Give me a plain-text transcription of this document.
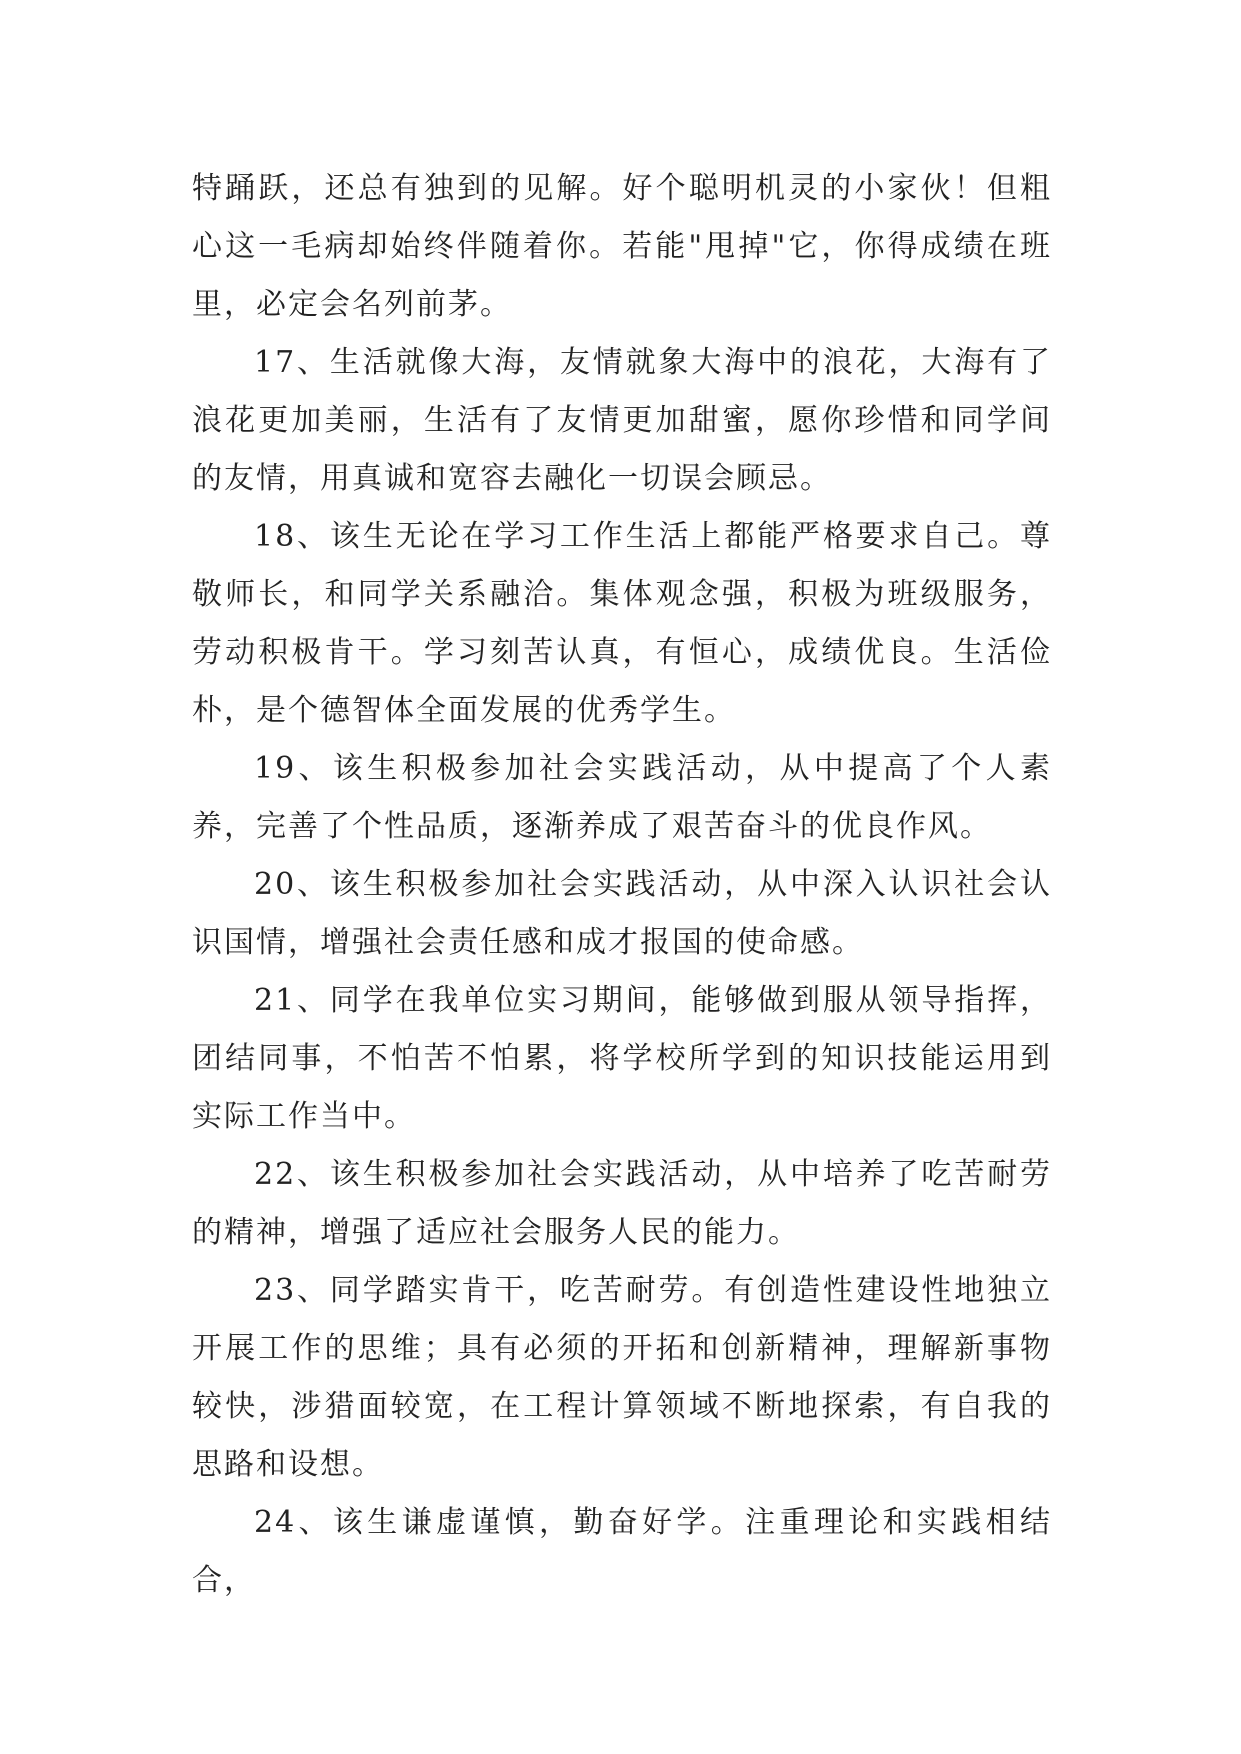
特踊跃，还总有独到的见解。好个聪明机灵的小家伙！但粗心这一毛病却始终伴随着你。若能"甩掉"它，你得成绩在班里，必定会名列前茅。

17、生活就像大海，友情就象大海中的浪花，大海有了浪花更加美丽，生活有了友情更加甜蜜，愿你珍惜和同学间的友情，用真诚和宽容去融化一切误会顾忌。

18、该生无论在学习工作生活上都能严格要求自己。尊敬师长，和同学关系融洽。集体观念强，积极为班级服务，劳动积极肯干。学习刻苦认真，有恒心，成绩优良。生活俭朴，是个德智体全面发展的优秀学生。

19、该生积极参加社会实践活动，从中提高了个人素养，完善了个性品质，逐渐养成了艰苦奋斗的优良作风。

20、该生积极参加社会实践活动，从中深入认识社会认识国情，增强社会责任感和成才报国的使命感。

21、同学在我单位实习期间，能够做到服从领导指挥，团结同事，不怕苦不怕累，将学校所学到的知识技能运用到实际工作当中。

22、该生积极参加社会实践活动，从中培养了吃苦耐劳的精神，增强了适应社会服务人民的能力。

23、同学踏实肯干，吃苦耐劳。有创造性建设性地独立开展工作的思维；具有必须的开拓和创新精神，理解新事物较快，涉猎面较宽，在工程计算领域不断地探索，有自我的思路和设想。

24、该生谦虚谨慎，勤奋好学。注重理论和实践相结合，
